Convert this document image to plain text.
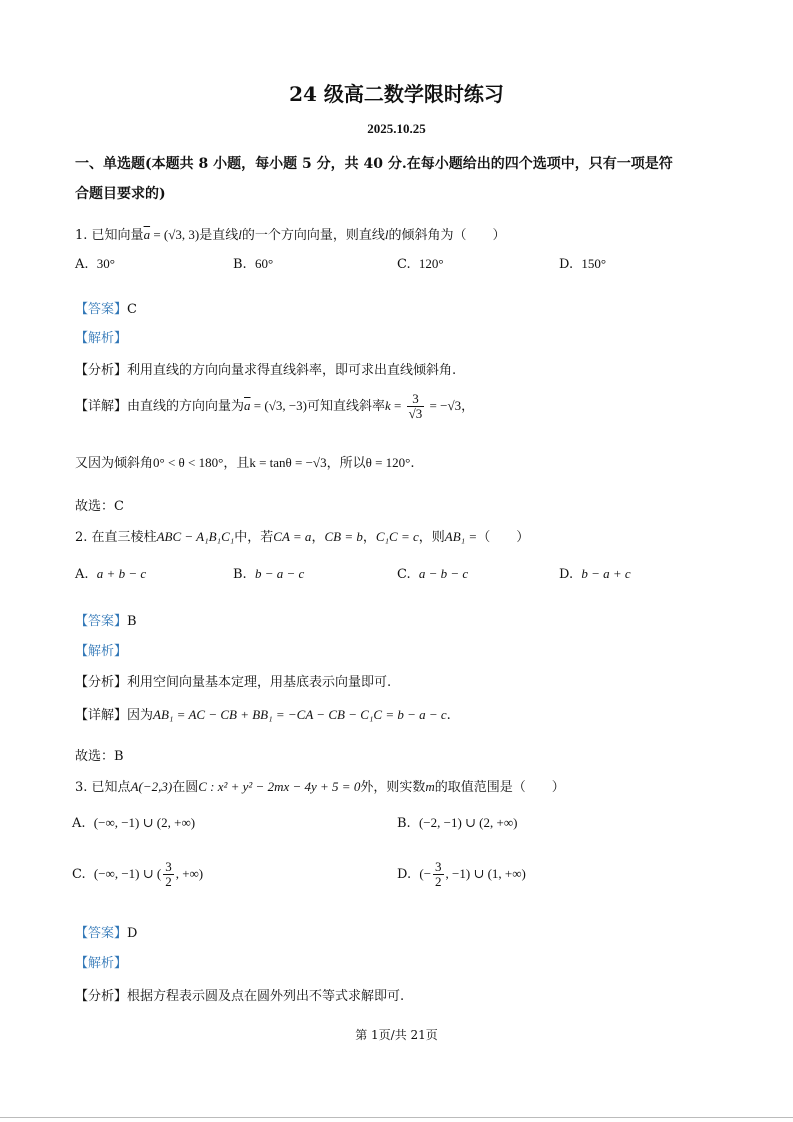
24 级高二数学限时练习
2025.10.25
一、单选题(本题共 8 小题，每小题 5 分，共 40 分.在每小题给出的四个选项中，只有一项是符
合题目要求的)
1. 已知向量$\overline{a} = (√3$, 3)是直线l的一个方向向量，则直线l的倾斜角为（　　）
A. 30°	B. 60°	C. 120°	D. 150°
【答案】C
【解析】
【分析】利用直线的方向向量求得直线斜率，即可求出直线倾斜角.
【详解】由直线的方向向量为$\overline{a} = (√3$, −3)可知直线斜率$k = \frac{3}{√3} = -√3$，
又因为倾斜角0° < θ < 180°，且k = tanθ = −√3，所以θ = 120°.
故选：C
2. 在直三棱柱ABC − A₁B₁C₁中，若CA = a，CB = b，C₁C = c，则AB₁ =（　　）
A. a + b − c	B. b − a − c	C. a − b − c	D. b − a + c
【答案】B
【解析】
【分析】利用空间向量基本定理，用基底表示向量即可.
【详解】因为AB₁ = AC − CB + BB₁ = −CA − CB − C₁C = b − a − c.
故选：B
3. 已知点A(−2,3)在圆C : x² + y² − 2mx − 4y + 5 = 0外，则实数m的取值范围是（　　）
A. (−∞, −1) ∪ (2, +∞)	B. (−2, −1) ∪ (2, +∞)
C. (−∞, −1) ∪ ( $\frac{3}{2}$ , +∞)	D. (− $\frac{3}{2}$ , −1) ∪ (1, +∞)
【答案】D
【解析】
【分析】根据方程表示圆及点在圆外列出不等式求解即可.
第 1页/共 21页
